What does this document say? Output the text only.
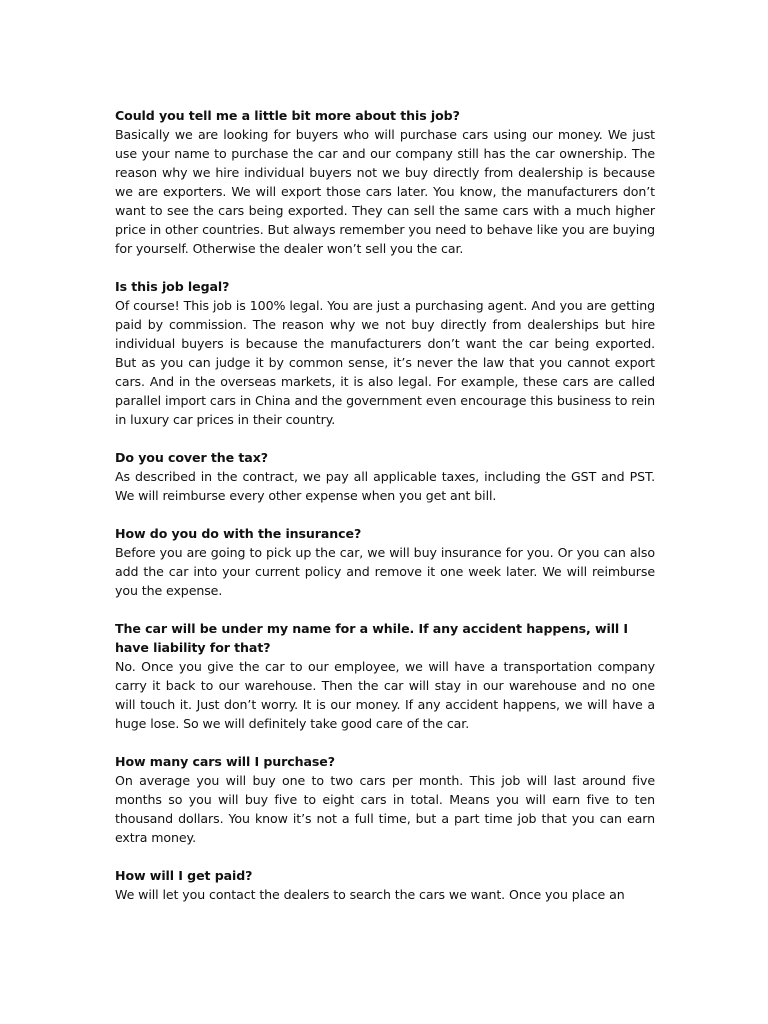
Could you tell me a little bit more about this job?

Basically we are looking for buyers who will purchase cars using our money. We just use your name to purchase the car and our company still has the car ownership. The reason why we hire individual buyers not we buy directly from dealership is because we are exporters. We will export those cars later. You know, the manufacturers don’t want to see the cars being exported. They can sell the same cars with a much higher price in other countries. But always remember you need to behave like you are buying for yourself. Otherwise the dealer won’t sell you the car.

Is this job legal?

Of course! This job is 100% legal. You are just a purchasing agent. And you are getting paid by commission. The reason why we not buy directly from dealerships but hire individual buyers is because the manufacturers don’t want the car being exported. But as you can judge it by common sense, it’s never the law that you cannot export cars. And in the overseas markets, it is also legal. For example, these cars are called parallel import cars in China and the government even encourage this business to rein in luxury car prices in their country.

Do you cover the tax?

As described in the contract, we pay all applicable taxes, including the GST and PST. We will reimburse every other expense when you get ant bill.

How do you do with the insurance?

Before you are going to pick up the car, we will buy insurance for you. Or you can also add the car into your current policy and remove it one week later. We will reimburse you the expense.

The car will be under my name for a while. If any accident happens, will I have liability for that?

No. Once you give the car to our employee, we will have a transportation company carry it back to our warehouse. Then the car will stay in our warehouse and no one will touch it. Just don’t worry. It is our money. If any accident happens, we will have a huge lose. So we will definitely take good care of the car.

How many cars will I purchase?

On average you will buy one to two cars per month. This job will last around five months so you will buy five to eight cars in total. Means you will earn five to ten thousand dollars. You know it’s not a full time, but a part time job that you can earn extra money.

How will I get paid?

We will let you contact the dealers to search the cars we want. Once you place an
